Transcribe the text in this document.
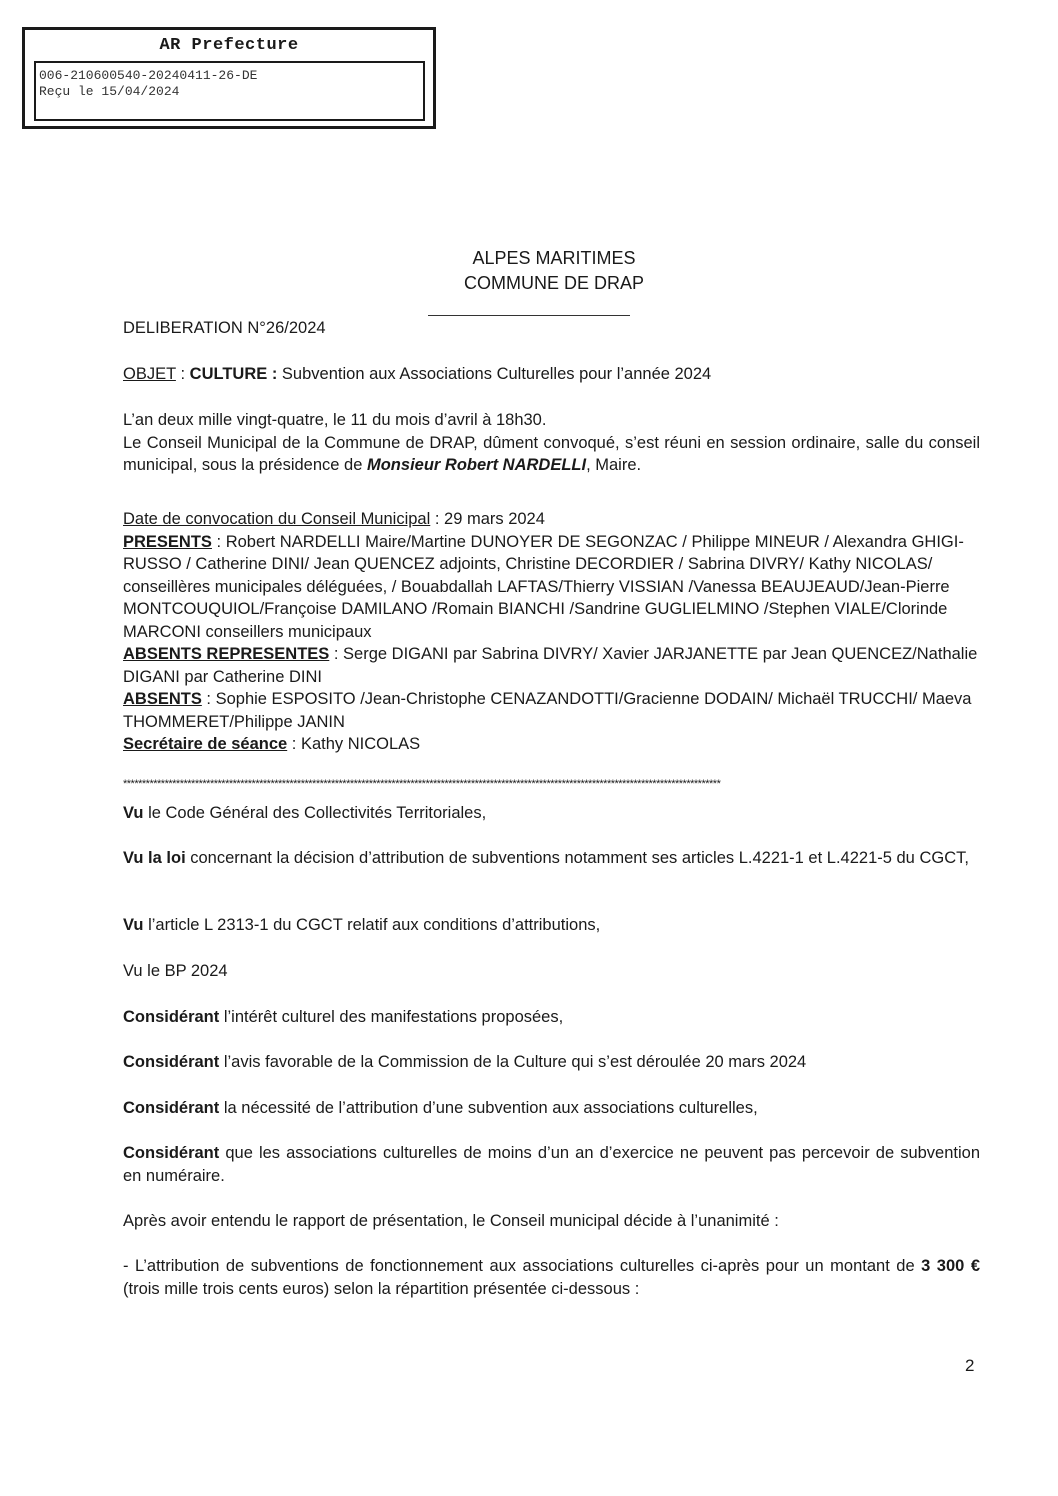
AR Prefecture
006-210600540-20240411-26-DE
Reçu le 15/04/2024
ALPES MARITIMES
COMMUNE DE DRAP
DELIBERATION N°26/2024
OBJET : CULTURE : Subvention aux Associations Culturelles pour l’année 2024
L’an deux mille vingt-quatre, le 11 du mois d’avril à 18h30.
Le Conseil Municipal de la Commune de DRAP, dûment convoqué, s’est réuni en session ordinaire, salle du conseil municipal, sous la présidence de Monsieur Robert NARDELLI, Maire.
Date de convocation du Conseil Municipal : 29 mars 2024
PRESENTS : Robert NARDELLI Maire/Martine DUNOYER DE SEGONZAC / Philippe MINEUR / Alexandra GHIGI-RUSSO / Catherine DINI/ Jean QUENCEZ adjoints, Christine DECORDIER / Sabrina DIVRY/ Kathy NICOLAS/ conseillères municipales déléguées, / Bouabdallah LAFTAS/Thierry VISSIAN /Vanessa BEAUJEAUD/Jean-Pierre MONTCOUQUIOL/Françoise DAMILANO /Romain BIANCHI /Sandrine GUGLIELMINO /Stephen VIALE/Clorinde MARCONI conseillers municipaux
ABSENTS REPRESENTES : Serge DIGANI par Sabrina DIVRY/ Xavier JARJANETTE par Jean QUENCEZ/Nathalie DIGANI par Catherine DINI
ABSENTS : Sophie ESPOSITO /Jean-Christophe CENAZANDOTTI/Gracienne DODAIN/ Michaël TRUCCHI/ Maeva THOMMERET/Philippe JANIN
Secrétaire de séance : Kathy NICOLAS
**************************************************************************************************************************************************************
Vu le Code Général des Collectivités Territoriales,
Vu la loi concernant la décision d’attribution de subventions notamment ses articles L.4221-1 et L.4221-5 du CGCT,
Vu l’article L 2313-1 du CGCT relatif aux conditions d’attributions,
Vu le BP 2024
Considérant l’intérêt culturel des manifestations proposées,
Considérant l’avis favorable de la Commission de la Culture qui s’est déroulée 20 mars 2024
Considérant la nécessité de l’attribution d’une subvention aux associations culturelles,
Considérant que les associations culturelles de moins d’un an d’exercice ne peuvent pas percevoir de subvention en numéraire.
Après avoir entendu le rapport de présentation, le Conseil municipal décide à l’unanimité :
- L’attribution de subventions de fonctionnement aux associations culturelles ci-après pour un montant de 3 300 € (trois mille trois cents euros) selon la répartition présentée ci-dessous :
2
